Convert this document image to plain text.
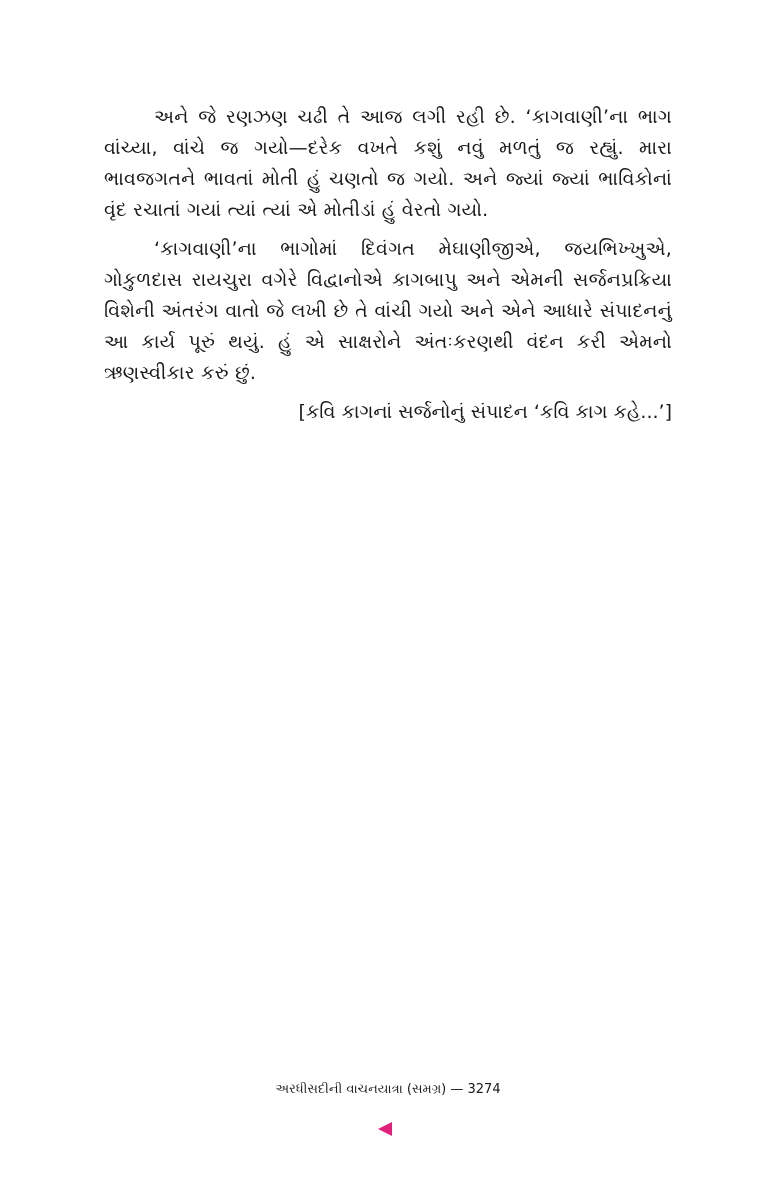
અને જે રણઝણ ચઢી તે આજ લગી રહી છે. ‘કાગવાણી’ના ભાગ વાંચ્યા, વાંચે જ ગયો—દરેક વખતે કશું નવું મળતું જ રહ્યું. મારા ભાવજગતને ભાવતાં મોતી હું ચણતો જ ગયો. અને જ્યાં જ્યાં ભાવિકોનાં વૃંદ રચાતાં ગયાં ત્યાં ત્યાં એ મોતીડાં હું વેરતો ગયો.

‘કાગવાણી’ના ભાગોમાં દિવંગત મેઘાણીજીએ, જયભિખ્ખુએ, ગોકુળદાસ રાયચુરા વગેરે વિદ્વાનોએ કાગબાપુ અને એમની સર્જનપ્રક્રિયા વિશેની અંતરંગ વાતો જે લખી છે તે વાંચી ગયો અને એને આધારે સંપાદનનું આ કાર્ય પૂરું થયું. હું એ સાક્ષરોને અંતઃકરણથી વંદન કરી એમનો ઋણસ્વીકાર કરું છું.

[કવિ કાગનાં સર્જનોનું સંપાદન ‘કવિ કાગ કહે...’]

અરધીસદીની વાચનયાત્રા (સમગ્ર) — 3274
